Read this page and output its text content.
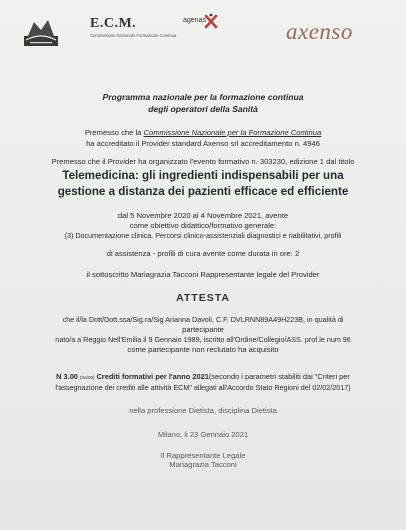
E.C.M.
Commissione Nazionale Formazione Continua
agenas	axenso
Programma nazionale per la formazione continua
degli operatori della Sanità
Premesso che la Commissione Nazionale per la Formazione Continua
ha accreditato il Provider standard Axenso srl accreditamento n. 4946
Premesso che il Provider ha organizzato l'evento formativo n. 303230, edizione 1 dal titolo
Telemedicina: gli ingredienti indispensabili per una
gestione a distanza dei pazienti efficace ed efficiente
dal 5 Novembre 2020 al 4 Novembre 2021, avente
come obiettivo didattico/formativo generale:
(3) Documentazione clinica. Percorsi clinico-assistenziali diagnostici e riabilitativi, profili
di assistenza - profili di cura avente come durata in ore: 2
il sottoscritto Mariagrazia Tacconi Rappresentante legale del Provider
ATTESTA
che il/la Dott/Dott.ssa/Sig.ra/Sig Arianna Davoli, C.F. DVLRNN89A49H223B, in qualità di
partecipante
nato/a a Reggio Nell'Emilia il 9 Gennaio 1989, iscritto all'Ordine/Collegio/ASS. prof.le num 96
come partecipante non reclutato ha acquisito
N 3.00 (tre/00) Crediti formativi per l'anno 2021(secondo i parametri stabiliti dai "Criteri per
l'assegnazione dei crediti alle attività ECM" allegati all'Accordo Stato Regioni del 02/02/2017)
nella professione Dietista, disciplina Dietista
Milano, li 23 Gennaio 2021
Il Rappresentante Legale
Mariagrazia Tacconi
